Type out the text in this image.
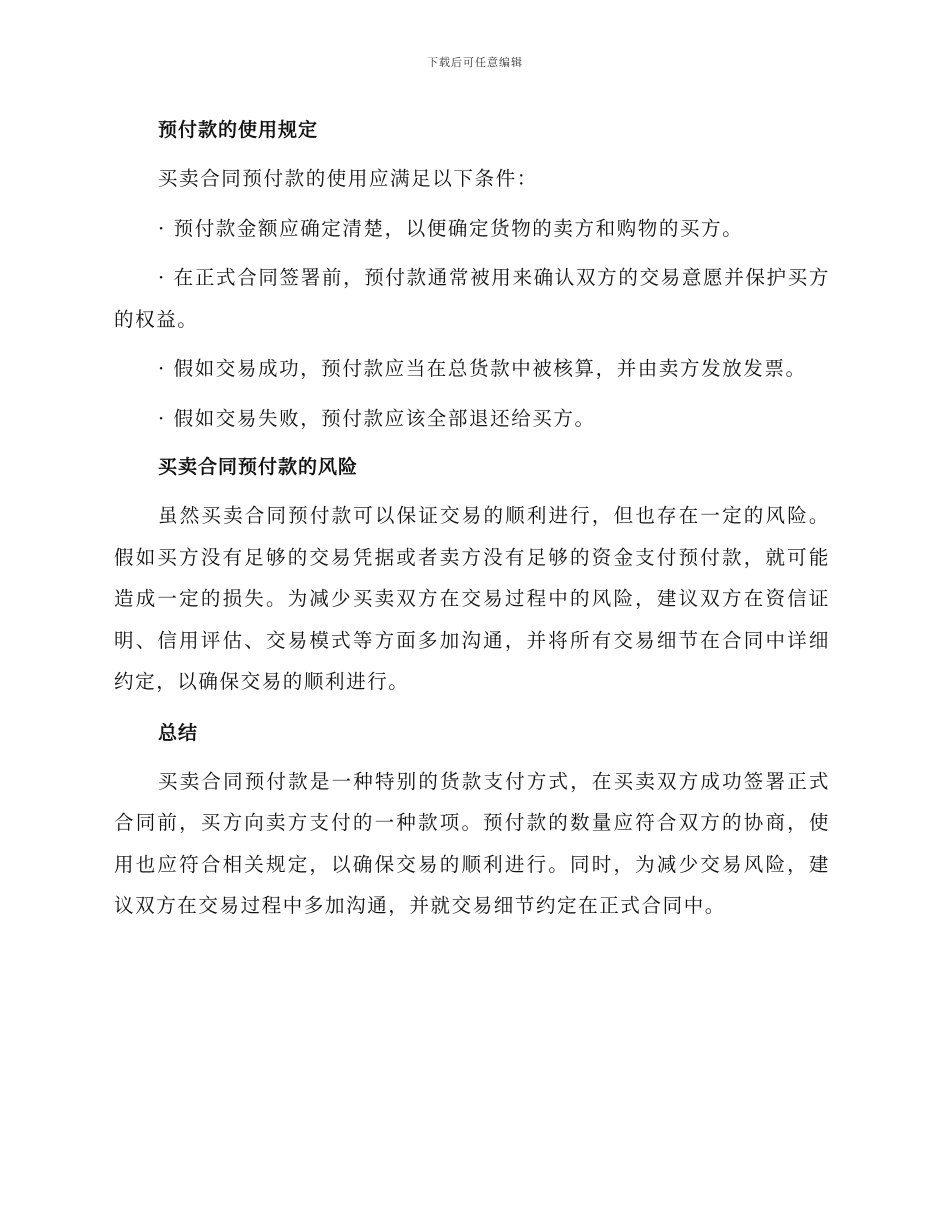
下载后可任意编辑
预付款的使用规定

买卖合同预付款的使用应满足以下条件：

· 预付款金额应确定清楚，以便确定货物的卖方和购物的买方。

· 在正式合同签署前，预付款通常被用来确认双方的交易意愿并保护买方的权益。

· 假如交易成功，预付款应当在总货款中被核算，并由卖方发放发票。

· 假如交易失败，预付款应该全部退还给买方。

买卖合同预付款的风险

虽然买卖合同预付款可以保证交易的顺利进行，但也存在一定的风险。假如买方没有足够的交易凭据或者卖方没有足够的资金支付预付款，就可能造成一定的损失。为减少买卖双方在交易过程中的风险，建议双方在资信证明、信用评估、交易模式等方面多加沟通，并将所有交易细节在合同中详细约定，以确保交易的顺利进行。

总结

买卖合同预付款是一种特别的货款支付方式，在买卖双方成功签署正式合同前，买方向卖方支付的一种款项。预付款的数量应符合双方的协商，使用也应符合相关规定，以确保交易的顺利进行。同时，为减少交易风险，建议双方在交易过程中多加沟通，并就交易细节约定在正式合同中。
